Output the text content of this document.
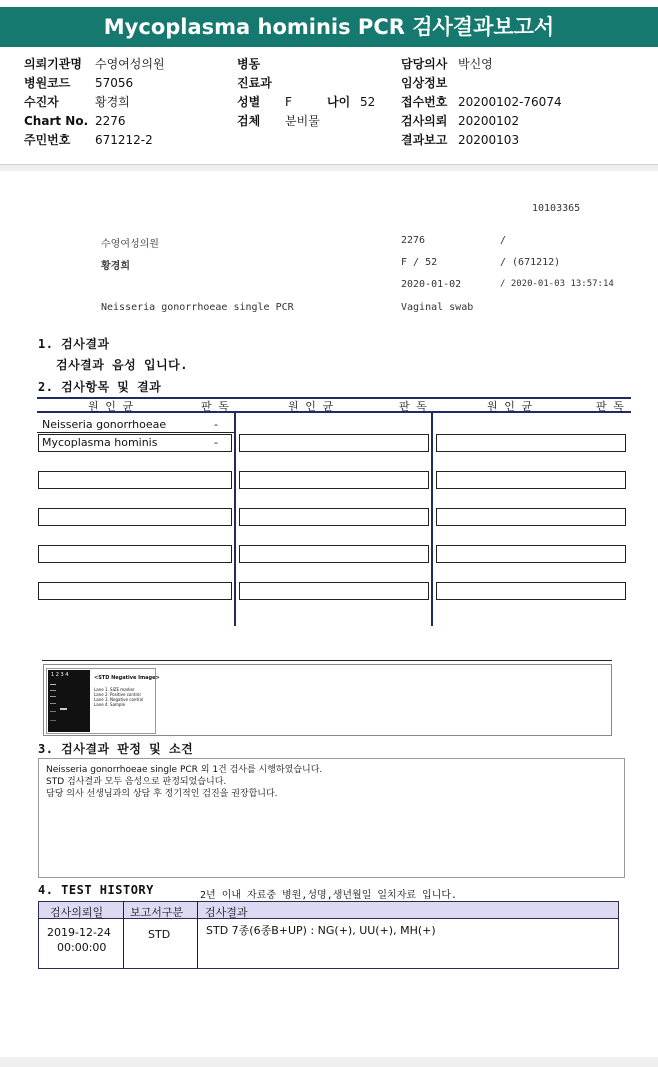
Mycoplasma hominis PCR 검사결과보고서
의뢰기관명 수영여성의원
병원코드 57056
수진자	황경희
Chart No. 2276
주민번호 671212-2
병동
진료과
성별 F	나이 52
검체 분비물
담당의사 박신영
임상정보
접수번호 20200102-76074
검사의뢰 20200102
결과보고 20200103
10103365
수영여성의원	2276	/
황경희	F / 52	/ (671212)
2020-01-02	/ 2020-01-03 13:57:14
Neisseria gonorrhoeae single PCR	Vaginal swab
1. 검사결과
검사결과 음성 입니다.
2. 검사항목 및 결과
원 인 균	판 독	원 인 균	판 독	원 인 균	판 독
Neisseria gonorrhoeae	-
Mycoplasma hominis	-
1 2 3 4	<STD Negative Image>
Lane 1. SIZE marker
Lane 2. Positive control
Lane 3. Negative control
Lane 4. Sample
3. 검사결과 판정 및 소견
Neisseria gonorrhoeae single PCR 외 1건 검사를 시행하였습니다.
STD 검사결과 모두 음성으로 판정되었습니다.
담당 의사 선생님과의 상담 후 정기적인 검진을 권장합니다.
4. TEST HISTORY	2년 이내 자료중 병원,성명,생년월일 일치자료 입니다.
검사의뢰일 보고서구분 검사결과
2019-12-24
00:00:00
STD	STD 7종(6종B+UP) : NG(+), UU(+), MH(+)
